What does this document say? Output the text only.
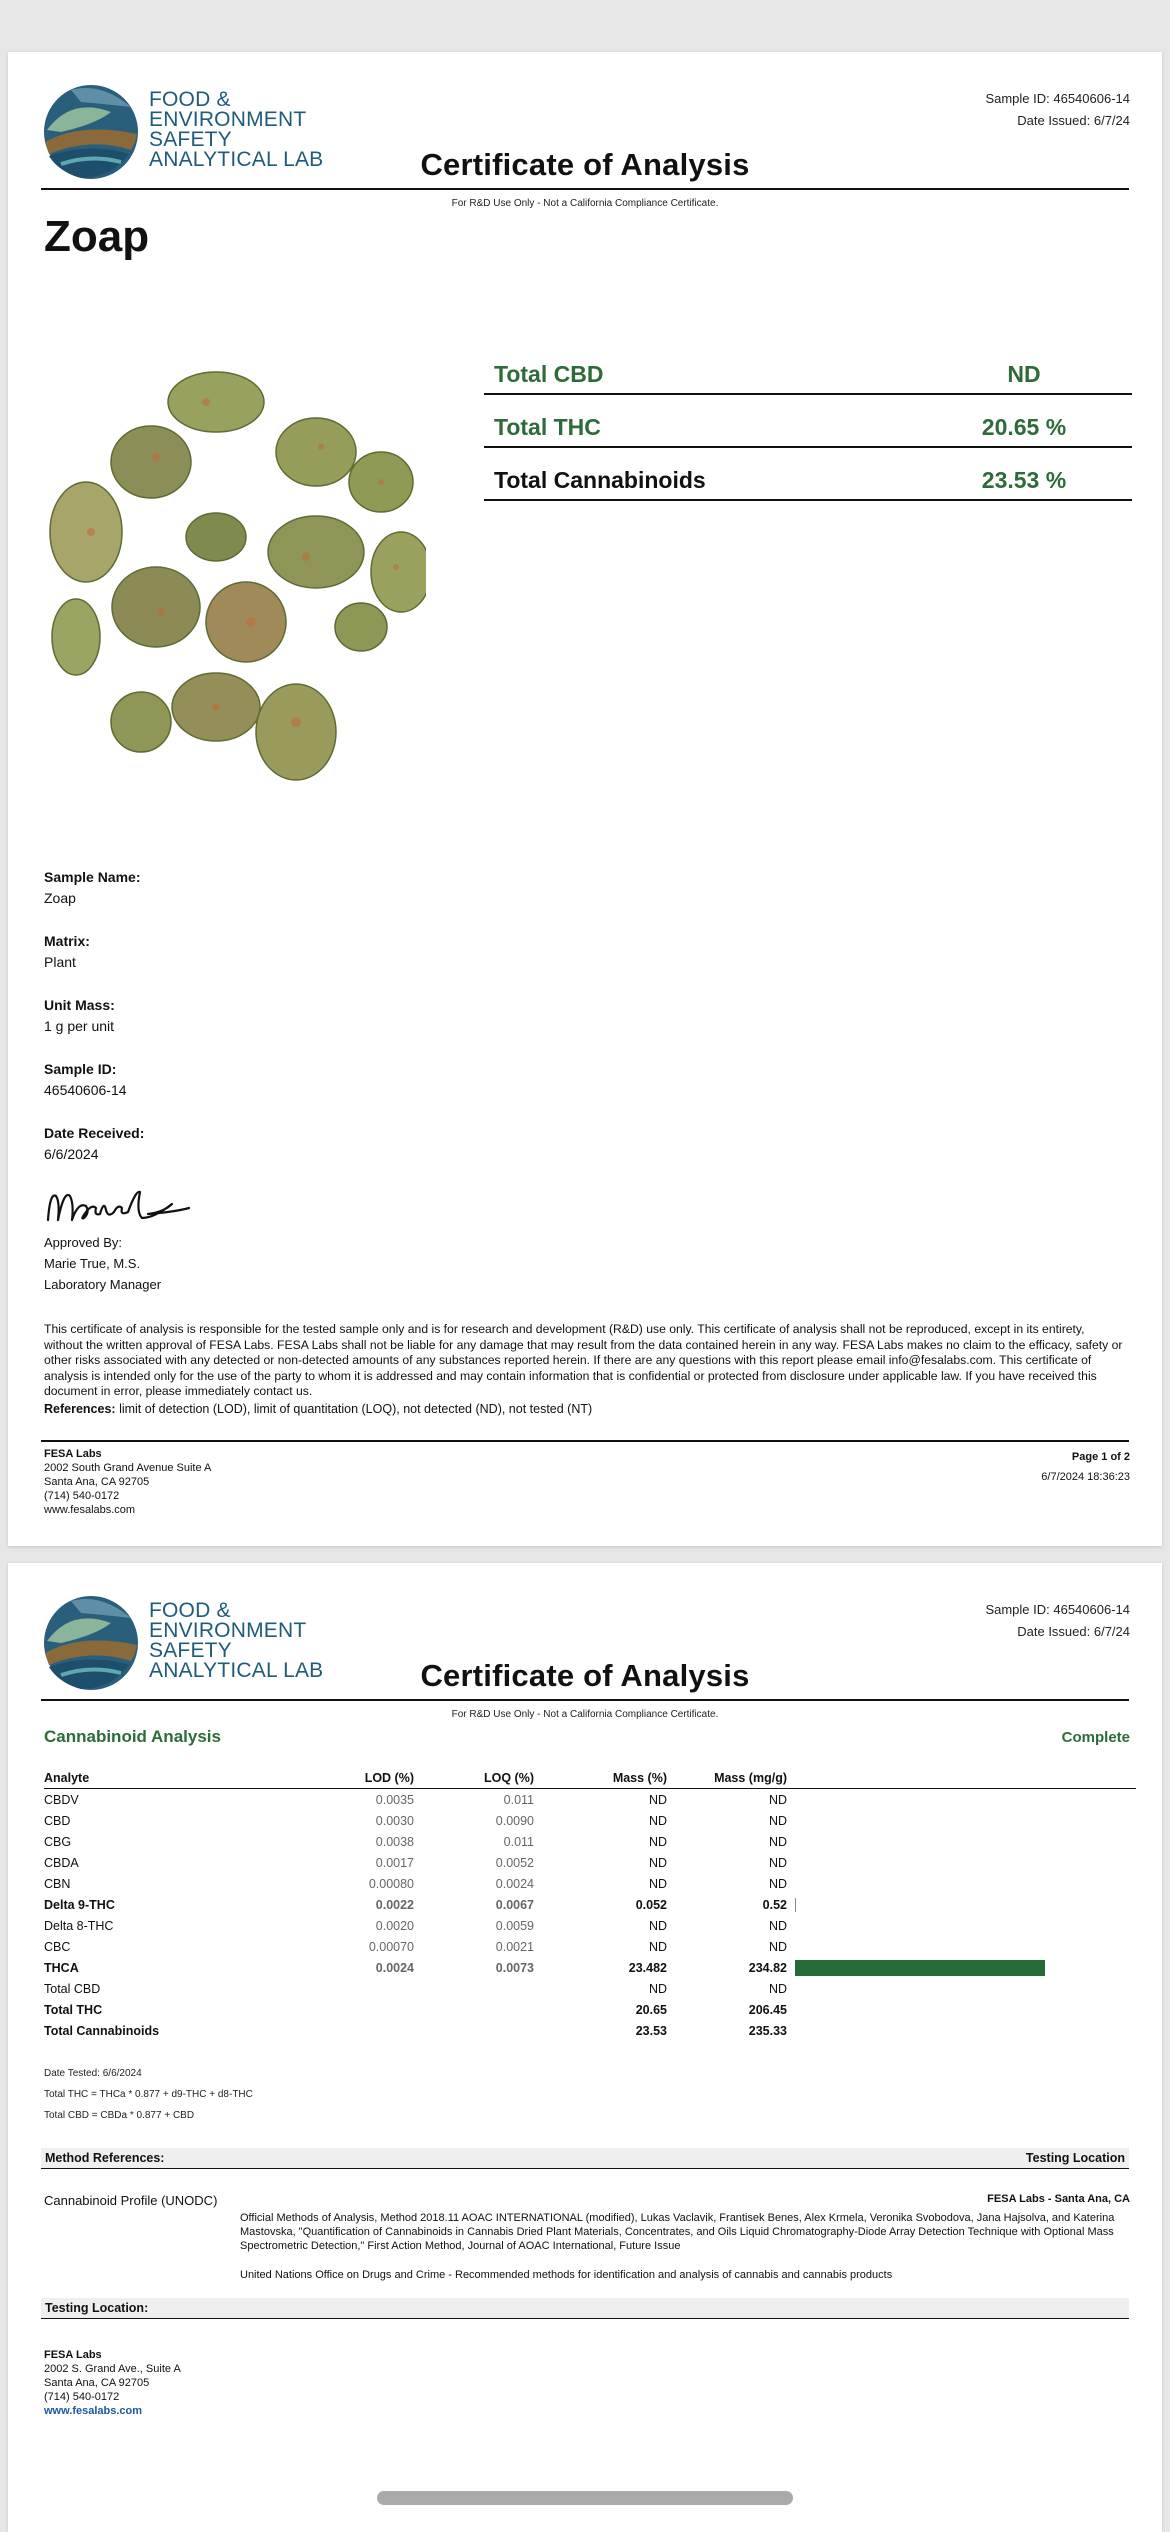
FOOD &
ENVIRONMENT
SAFETY
ANALYTICAL LAB
Sample ID: 46540606-14
Date Issued: 6/7/24
Certificate of Analysis
For R&D Use Only - Not a California Compliance Certificate.
Zoap
Total CBD	ND
Total THC	20.65 %
Total Cannabinoids	23.53 %
Sample Name:
Zoap
Matrix:
Plant
Unit Mass:
1 g per unit
Sample ID:
46540606-14
Date Received:
6/6/2024
Approved By:
Marie True, M.S.
Laboratory Manager
This certificate of analysis is responsible for the tested sample only and is for research and development (R&D) use only. This certificate of analysis shall not be reproduced, except in its entirety, without the written approval of FESA Labs. FESA Labs shall not be liable for any damage that may result from the data contained herein in any way. FESA Labs makes no claim to the efficacy, safety or other risks associated with any detected or non-detected amounts of any substances reported herein. If there are any questions with this report please email info@fesalabs.com. This certificate of analysis is intended only for the use of the party to whom it is addressed and may contain information that is confidential or protected from disclosure under applicable law. If you have received this document in error, please immediately contact us.
References: limit of detection (LOD), limit of quantitation (LOQ), not detected (ND), not tested (NT)
FESA Labs
2002 South Grand Avenue Suite A
Santa Ana, CA 92705
(714) 540-0172
www.fesalabs.com
Page 1 of 2
6/7/2024 18:36:23
FOOD &
ENVIRONMENT
SAFETY
ANALYTICAL LAB
Sample ID: 46540606-14
Date Issued: 6/7/24
Certificate of Analysis
For R&D Use Only - Not a California Compliance Certificate.
Cannabinoid Analysis	Complete
Analyte	LOD (%)	LOQ (%)	Mass (%)	Mass (mg/g)	
CBDV	0.0035	0.011	ND	ND	
CBD	0.0030	0.0090	ND	ND	
CBG	0.0038	0.011	ND	ND	
CBDA	0.0017	0.0052	ND	ND	
CBN	0.00080	0.0024	ND	ND	
Delta 9-THC	0.0022	0.0067	0.052	0.52	

Delta 8-THC	0.0020	0.0059	ND	ND	
CBC	0.00070	0.0021	ND	ND	
THCA	0.0024	0.0073	23.482	234.82	

Total CBD			ND	ND	
Total THC			20.65	206.45	
Total Cannabinoids			23.53	235.33	
Date Tested: 6/6/2024
Total THC = THCa * 0.877 + d9-THC + d8-THC
Total CBD = CBDa * 0.877 + CBD
Method References:	Testing Location
Cannabinoid Profile (UNODC)	FESA Labs - Santa Ana, CA
Official Methods of Analysis, Method 2018.11 AOAC INTERNATIONAL (modified), Lukas Vaclavik, Frantisek Benes, Alex Krmela, Veronika Svobodova, Jana Hajsolva, and Katerina Mastovska, "Quantification of Cannabinoids in Cannabis Dried Plant Materials, Concentrates, and Oils Liquid Chromatography-Diode Array Detection Technique with Optional Mass Spectrometric Detection," First Action Method, Journal of AOAC International, Future Issue
United Nations Office on Drugs and Crime - Recommended methods for identification and analysis of cannabis and cannabis products
Testing Location:
FESA Labs
2002 S. Grand Ave., Suite A
Santa Ana, CA 92705
(714) 540-0172
www.fesalabs.com
